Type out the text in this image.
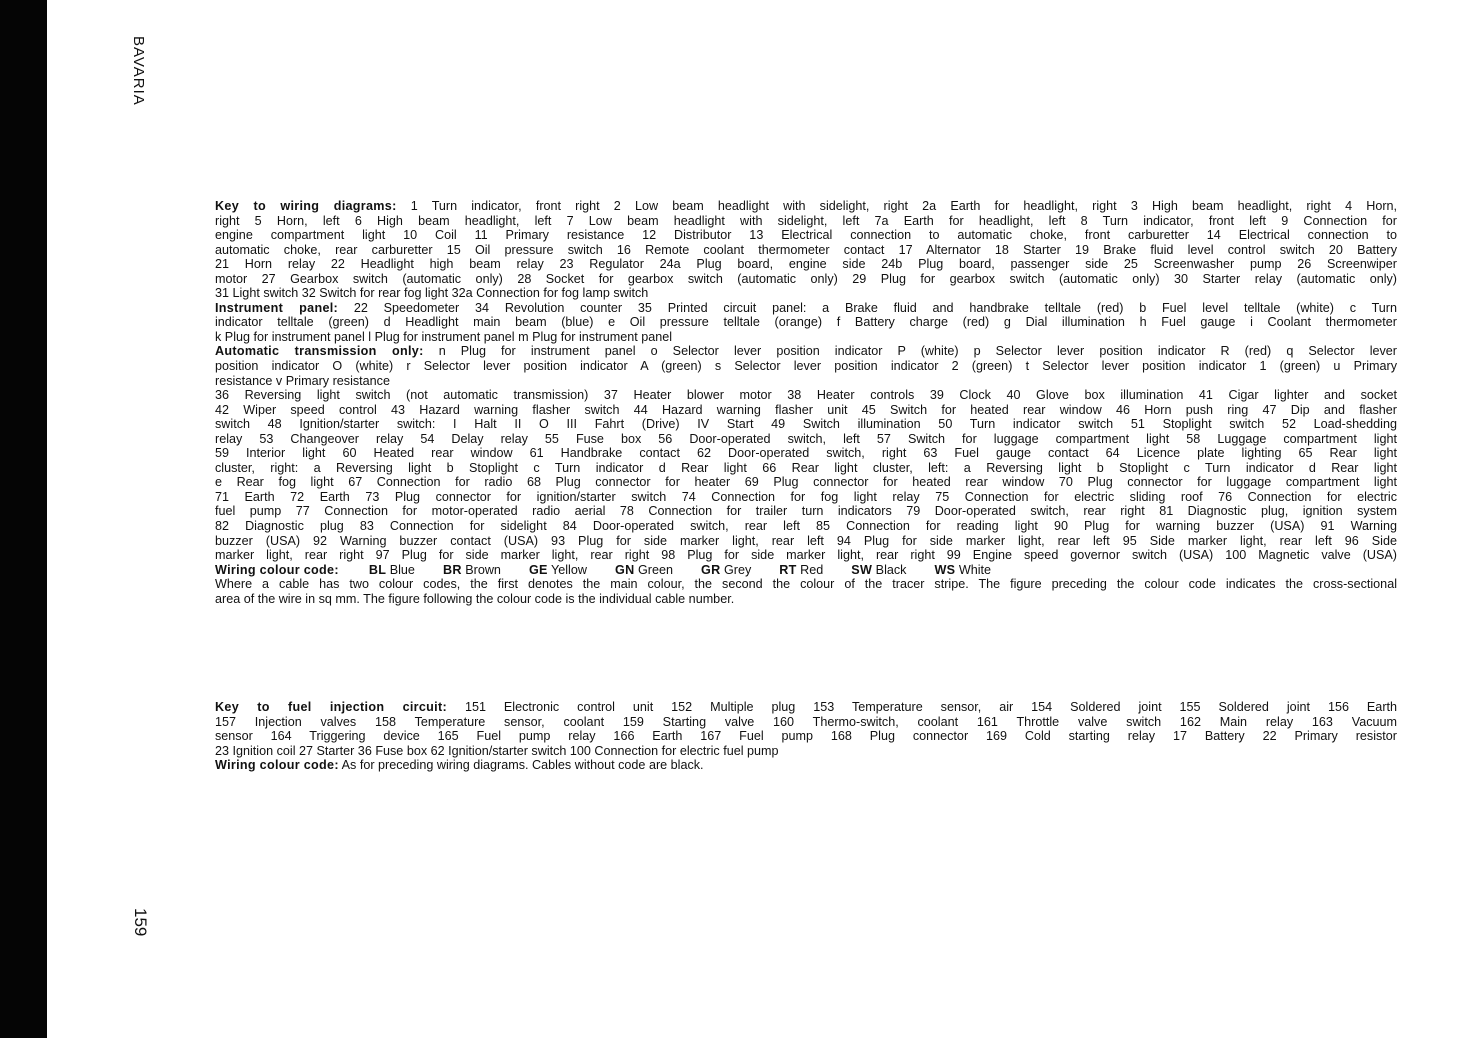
BAVARIA
Key to wiring diagrams: 1 Turn indicator, front right 2 Low beam headlight with sidelight, right 2a Earth for headlight, right 3 High beam headlight, right 4 Horn,
right 5 Horn, left 6 High beam headlight, left 7 Low beam headlight with sidelight, left 7a Earth for headlight, left 8 Turn indicator, front left 9 Connection for
engine compartment light 10 Coil 11 Primary resistance 12 Distributor 13 Electrical connection to automatic choke, front carburetter 14 Electrical connection to
automatic choke, rear carburetter 15 Oil pressure switch 16 Remote coolant thermometer contact 17 Alternator 18 Starter 19 Brake fluid level control switch 20 Battery
21 Horn relay 22 Headlight high beam relay 23 Regulator 24a Plug board, engine side 24b Plug board, passenger side 25 Screenwasher pump 26 Screenwiper
motor 27 Gearbox switch (automatic only) 28 Socket for gearbox switch (automatic only) 29 Plug for gearbox switch (automatic only) 30 Starter relay (automatic only)
31 Light switch 32 Switch for rear fog light 32a Connection for fog lamp switch
Instrument panel: 22 Speedometer 34 Revolution counter 35 Printed circuit panel: a Brake fluid and handbrake telltale (red) b Fuel level telltale (white) c Turn
indicator telltale (green) d Headlight main beam (blue) e Oil pressure telltale (orange) f Battery charge (red) g Dial illumination h Fuel gauge i Coolant thermometer
k Plug for instrument panel l Plug for instrument panel m Plug for instrument panel
Automatic transmission only: n Plug for instrument panel o Selector lever position indicator P (white) p Selector lever position indicator R (red) q Selector lever
position indicator O (white) r Selector lever position indicator A (green) s Selector lever position indicator 2 (green) t Selector lever position indicator 1 (green) u Primary
resistance v Primary resistance
36 Reversing light switch (not automatic transmission) 37 Heater blower motor 38 Heater controls 39 Clock 40 Glove box illumination 41 Cigar lighter and socket
42 Wiper speed control 43 Hazard warning flasher switch 44 Hazard warning flasher unit 45 Switch for heated rear window 46 Horn push ring 47 Dip and flasher
switch 48 Ignition/starter switch: I Halt II O III Fahrt (Drive) IV Start 49 Switch illumination 50 Turn indicator switch 51 Stoplight switch 52 Load-shedding
relay 53 Changeover relay 54 Delay relay 55 Fuse box 56 Door-operated switch, left 57 Switch for luggage compartment light 58 Luggage compartment light
59 Interior light 60 Heated rear window 61 Handbrake contact 62 Door-operated switch, right 63 Fuel gauge contact 64 Licence plate lighting 65 Rear light
cluster, right: a Reversing light b Stoplight c Turn indicator d Rear light 66 Rear light cluster, left: a Reversing light b Stoplight c Turn indicator d Rear light
e Rear fog light 67 Connection for radio 68 Plug connector for heater 69 Plug connector for heated rear window 70 Plug connector for luggage compartment light
71 Earth 72 Earth 73 Plug connector for ignition/starter switch 74 Connection for fog light relay 75 Connection for electric sliding roof 76 Connection for electric
fuel pump 77 Connection for motor-operated radio aerial 78 Connection for trailer turn indicators 79 Door-operated switch, rear right 81 Diagnostic plug, ignition system
82 Diagnostic plug 83 Connection for sidelight 84 Door-operated switch, rear left 85 Connection for reading light 90 Plug for warning buzzer (USA) 91 Warning
buzzer (USA) 92 Warning buzzer contact (USA) 93 Plug for side marker light, rear left 94 Plug for side marker light, rear left 95 Side marker light, rear left 96 Side
marker light, rear right 97 Plug for side marker light, rear right 98 Plug for side marker light, rear right 99 Engine speed governor switch (USA) 100 Magnetic valve (USA)
Wiring colour code: BL Blue BR Brown GE Yellow GN Green GR Grey RT Red SW Black WS White
Where a cable has two colour codes, the first denotes the main colour, the second the colour of the tracer stripe. The figure preceding the colour code indicates the cross-sectional
area of the wire in sq mm. The figure following the colour code is the individual cable number.
Key to fuel injection circuit: 151 Electronic control unit 152 Multiple plug 153 Temperature sensor, air 154 Soldered joint 155 Soldered joint 156 Earth
157 Injection valves 158 Temperature sensor, coolant 159 Starting valve 160 Thermo-switch, coolant 161 Throttle valve switch 162 Main relay 163 Vacuum
sensor 164 Triggering device 165 Fuel pump relay 166 Earth 167 Fuel pump 168 Plug connector 169 Cold starting relay 17 Battery 22 Primary resistor
23 Ignition coil 27 Starter 36 Fuse box 62 Ignition/starter switch 100 Connection for electric fuel pump
Wiring colour code: As for preceding wiring diagrams. Cables without code are black.
159
